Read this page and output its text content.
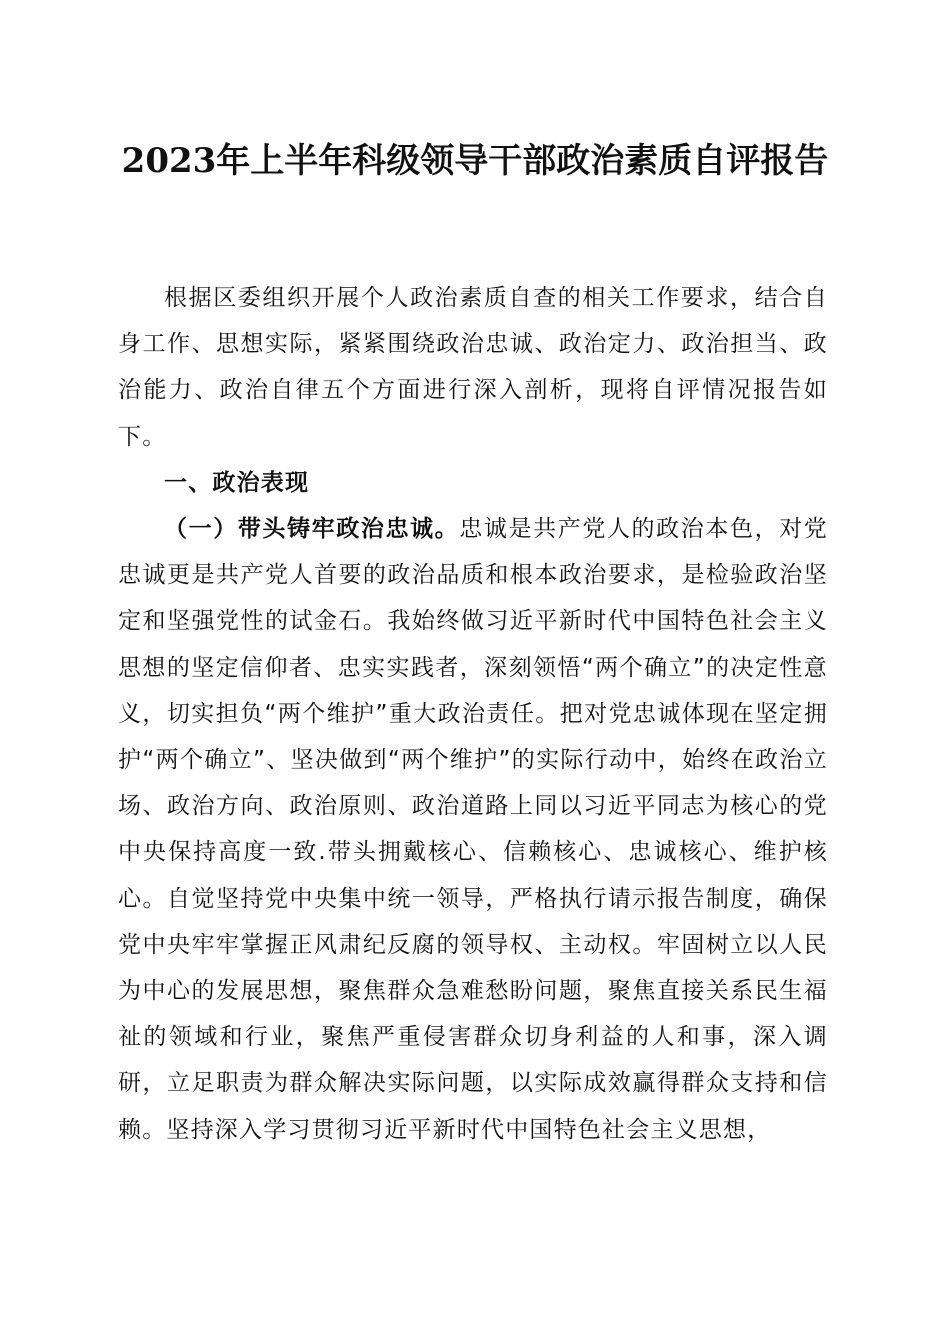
2023年上半年科级领导干部政治素质自评报告

根据区委组织开展个人政治素质自查的相关工作要求，结合自身工作、思想实际，紧紧围绕政治忠诚、政治定力、政治担当、政治能力、政治自律五个方面进行深入剖析，现将自评情况报告如下。

一、政治表现

（一）带头铸牢政治忠诚。忠诚是共产党人的政治本色，对党忠诚更是共产党人首要的政治品质和根本政治要求，是检验政治坚定和坚强党性的试金石。我始终做习近平新时代中国特色社会主义思想的坚定信仰者、忠实实践者，深刻领悟“两个确立”的决定性意义，切实担负“两个维护”重大政治责任。把对党忠诚体现在坚定拥护“两个确立”、坚决做到“两个维护”的实际行动中，始终在政治立场、政治方向、政治原则、政治道路上同以习近平同志为核心的党中央保持高度一致.带头拥戴核心、信赖核心、忠诚核心、维护核心。自觉坚持党中央集中统一领导，严格执行请示报告制度，确保党中央牢牢掌握正风肃纪反腐的领导权、主动权。牢固树立以人民为中心的发展思想，聚焦群众急难愁盼问题，聚焦直接关系民生福祉的领域和行业，聚焦严重侵害群众切身利益的人和事，深入调研，立足职责为群众解决实际问题，以实际成效赢得群众支持和信赖。坚持深入学习贯彻习近平新时代中国特色社会主义思想，
